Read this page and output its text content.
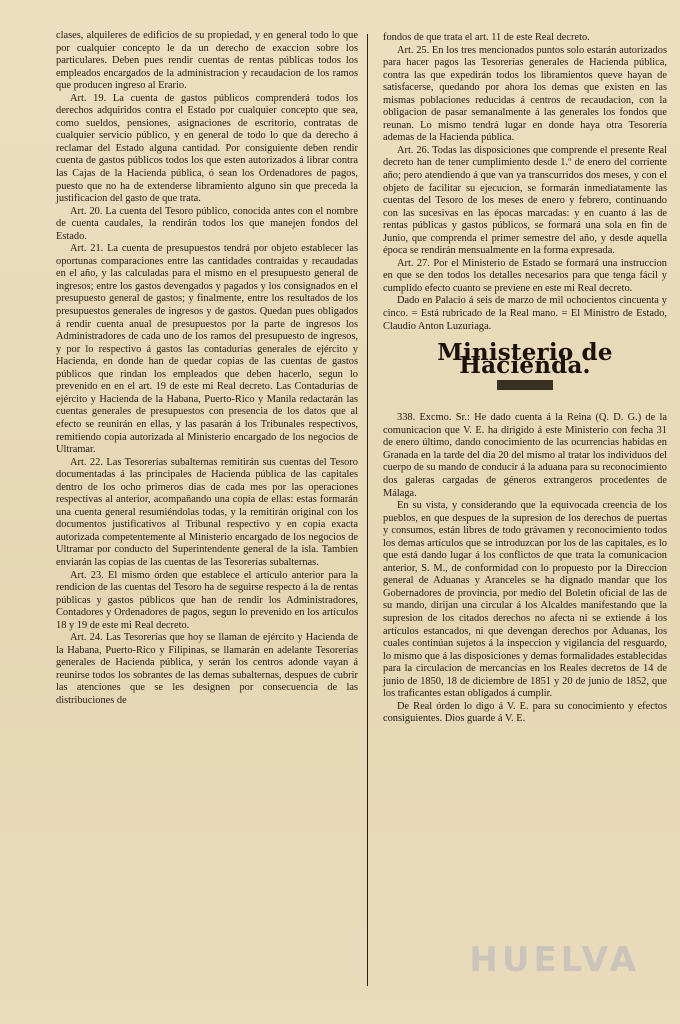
clases, alquileres de edificios de su propiedad, y en general todo lo que por cualquier concepto le da un derecho de exaccion sobre los particulares. Deben pues rendir cuentas de rentas públicas todos los empleados encargados de la administracion y recaudacion de los ramos que producen ingreso al Erario.

Art. 19. La cuenta de gastos públicos comprenderá todos los derechos adquiridos contra el Estado por cualquier concepto que sea, como sueldos, pensiones, asignaciones de escritorio, contratas de cualquier servicio público, y en general de todo lo que da derecho á reclamar del Estado alguna cantidad. Por consiguiente deben rendir cuenta de gastos públicos todos los que esten autorizados á librar contra las Cajas de la Hacienda pública, ó sean los Ordenadores de pagos, puesto que no ha de extenderse libramiento alguno sin que preceda la justificacion del gasto de que trata.

Art. 20. La cuenta del Tesoro público, conocida antes con el nombre de cuenta caudales, la rendirán todos los que manejen fondos del Estado.

Art. 21. La cuenta de presupuestos tendrá por objeto establecer las oportunas comparaciones entre las cantidades contraidas y recaudadas en el año, y las calculadas para el mismo en el presupuesto general de ingresos; entre los gastos devengados y pagados y los consignados en el presupuesto general de gastos; y finalmente, entre los resultados de los presupuestos generales de ingresos y de gastos. Quedan pues obligados á rendir cuenta anual de presupuestos por la parte de ingresos los Administradores de cada uno de los ramos del presupuesto de ingresos, y por lo respectivo á gastos las contadurías generales de ejército y Hacienda, en donde han de quedar copias de las cuentas de gastos públicos que rindan los empleados que deben hacerlo, segun lo prevenido en en el art. 19 de este mi Real decreto. Las Contadurías de ejército y Hacienda de la Habana, Puerto-Rico y Manila redactarán las cuentas generales de presupuestos con presencia de los datos que al efecto se reunirán en ellas, y las pasarán á los Tribunales respectivos, remitiendo copia autorizada al Ministerio encargado de los negocios de Ultramar.

Art. 22. Las Tesorerías subalternas remitirán sus cuentas del Tesoro documentadas á las principales de Hacienda pública de las capitales dentro de los ocho primeros dias de cada mes por las operaciones respectivas al anterior, acompañando una copia de ellas: estas formarán una cuenta general resumiéndolas todas, y la remitirán original con los documentos justificativos al Tribunal respectivo y en copia exacta autorizada competentemente al Ministerio encargado de los negocios de Ultramar por conducto del Superintendente general de la isla. Tambien enviarán las copias de las cuentas de las Tesorerías subalternas.

Art. 23. El mismo órden que establece el artículo anterior para la rendicion de las cuentas del Tesoro ha de seguirse respecto á la de rentas públicas y gastos públicos que han de rendir los Administradores, Contadores y Ordenadores de pagos, segun lo prevenido en los artículos 18 y 19 de este mi Real decreto.

Art. 24. Las Tesorerías que hoy se llaman de ejército y Hacienda de la Habana, Puerto-Rico y Filipinas, se llamarán en adelante Tesorerías generales de Hacienda pública, y serán los centros adonde vayan á reunirse todos los sobrantes de las demas subalternas, despues de cubrir las atenciones que se les designen por consecuencia de las distribuciones de

fondos de que trata el art. 11 de este Real decreto.

Art. 25. En los tres mencionados puntos solo estarán autorizados para hacer pagos las Tesorerías generales de Hacienda pública, contra las que expedirán todos los libramientos queve hayan de satisfacerse, quedando por ahora los demas que existen en las mismas poblaciones reducidas á centros de recaudacion, con la obligacion de pasar semanalmente á las generales los fondos que reunan. Lo mismo tendrá lugar en donde haya otra Tesorería ademas de la Hacienda pública.

Art. 26. Todas las disposiciones que comprende el presente Real decreto han de tener cumplimiento desde 1.º de enero del corriente año; pero atendiendo á que van ya transcurridos dos meses, y con el objeto de facilitar su ejecucion, se formarán inmediatamente las cuentas del Tesoro de los meses de enero y febrero, continuando con las sucesivas en las épocas marcadas: y en cuanto á las de rentas públicas y gastos públicos, se formará una sola en fin de Junio, que comprenda el primer semestre del año, y desde aquella época se rendirán mensualmente en la forma expresada.

Art. 27. Por el Ministerio de Estado se formará una instruccion en que se den todos los detalles necesarios para que tenga fácil y cumplido efecto cuanto se previene en este mi Real decreto.

Dado en Palacio á seis de marzo de mil ochocientos cincuenta y cinco. = Está rubricado de la Real mano. = El Ministro de Estado, Claudio Anton Luzuriaga.

Ministerio de Hacienda.

338. Excmo. Sr.: He dado cuenta á la Reina (Q. D. G.) de la comunicacion que V. E. ha dirigido á este Ministerio con fecha 31 de enero último, dando conocimiento de las ocurrencias habidas en Granada en la tarde del dia 20 del mismo al tratar los individuos del cuerpo de su mando de conducir á la aduana para su reconocimiento dos galeras cargadas de géneros extrangeros procedentes de Málaga.

En su vista, y considerando que la equivocada creencia de los pueblos, en que despues de la supresion de los derechos de puertas y consumos, están libres de todo grávamen y reconocimiento todos los demas artículos que se introduzcan por los de las capitales, es lo que está dando lugar á los conflictos de que trata la comunicacion anterior, S. M., de conformidad con lo propuesto por la Direccion general de Aduanas y Aranceles se ha dignado mandar que los Gobernadores de provincia, por medio del Boletin oficial de las de su mando, dirijan una circular á los Alcaldes manifestando que la supresion de los citados derechos no afecta ni se extiende á los artículos estancados, ni que devengan derechos por Aduanas, los cuales continúan sujetos á la inspeccion y vigilancia del resguardo, lo mismo que á las disposiciones y demas formalidades establecidas para la circulacion de mercancías en los Reales decretos de 14 de junio de 1850, 18 de diciembre de 1851 y 20 de junio de 1852, que los traficantes estan obligados á cumplir.

De Real órden lo digo á V. E. para su conocimiento y efectos consiguientes. Dios guarde á V. E.

HUELVA
